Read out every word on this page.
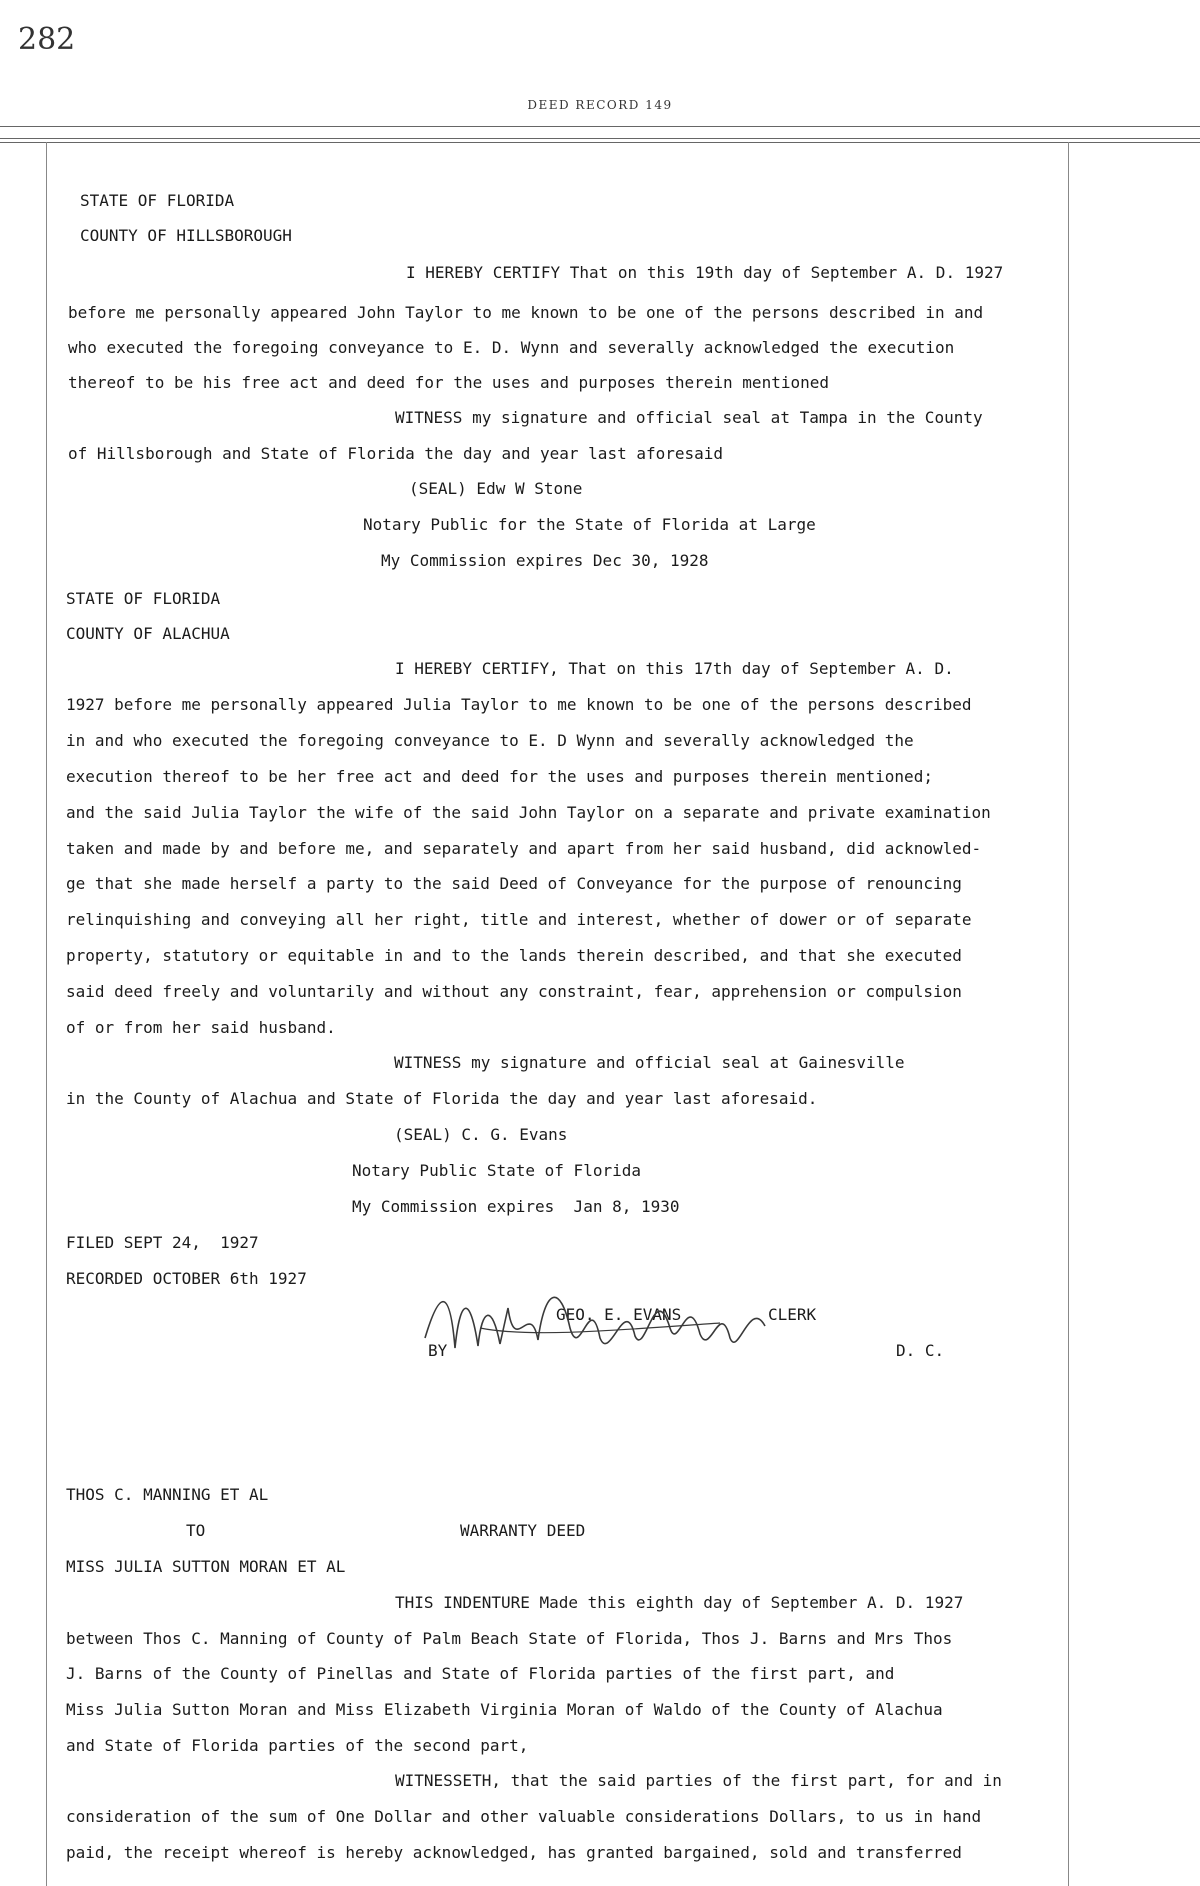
282
DEED RECORD 149

STATE OF FLORIDA

COUNTY OF HILLSBOROUGH

I HEREBY CERTIFY That on this 19th day of September A. D. 1927

before me personally appeared John Taylor to me known to be one of the persons described in and

who executed the foregoing conveyance to E. D. Wynn and severally acknowledged the execution

thereof to be his free act and deed for the uses and purposes therein mentioned

WITNESS my signature and official seal at Tampa in the County

of Hillsborough and State of Florida the day and year last aforesaid

(SEAL) Edw W Stone

Notary Public for the State of Florida at Large

My Commission expires Dec 30, 1928

STATE OF FLORIDA

COUNTY OF ALACHUA

I HEREBY CERTIFY, That on this 17th day of September A. D.

1927 before me personally appeared Julia Taylor to me known to be one of the persons described

in and who executed the foregoing conveyance to E. D Wynn and severally acknowledged the

execution thereof to be her free act and deed for the uses and purposes therein mentioned;

and the said Julia Taylor the wife of the said John Taylor on a separate and private examination

taken and made by and before me, and separately and apart from her said husband, did acknowled-

ge that she made herself a party to the said Deed of Conveyance for the purpose of renouncing

relinquishing and conveying all her right, title and interest, whether of dower or of separate

property, statutory or equitable in and to the lands therein described, and that she executed

said deed freely and voluntarily and without any constraint, fear, apprehension or compulsion

of or from her said husband.

WITNESS my signature and official seal at Gainesville

in the County of Alachua and State of Florida the day and year last aforesaid.

(SEAL) C. G. Evans

Notary Public State of Florida

My Commission expires  Jan 8, 1930

FILED SEPT 24,  1927

RECORDED OCTOBER 6th 1927

GEO. E. EVANS	CLERK

BY	D. C.

THOS C. MANNING ET AL

TO	WARRANTY DEED

MISS JULIA SUTTON MORAN ET AL

THIS INDENTURE Made this eighth day of September A. D. 1927

between Thos C. Manning of County of Palm Beach State of Florida, Thos J. Barns and Mrs Thos

J. Barns of the County of Pinellas and State of Florida parties of the first part, and

Miss Julia Sutton Moran and Miss Elizabeth Virginia Moran of Waldo of the County of Alachua

and State of Florida parties of the second part,

WITNESSETH, that the said parties of the first part, for and in

consideration of the sum of One Dollar and other valuable considerations Dollars, to us in hand

paid, the receipt whereof is hereby acknowledged, has granted bargained, sold and transferred
